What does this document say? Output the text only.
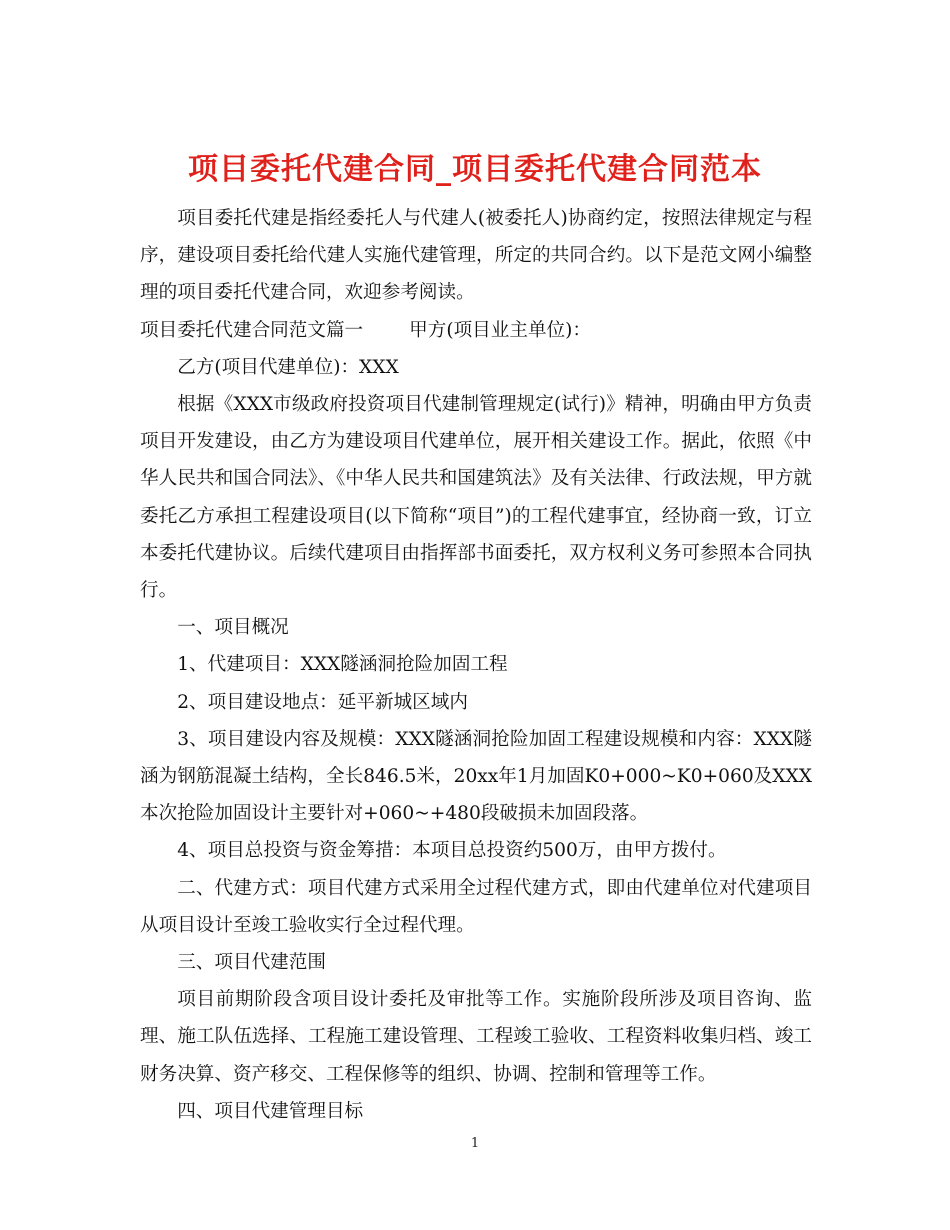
项目委托代建合同_项目委托代建合同范本

项目委托代建是指经委托人与代建人(被委托人)协商约定，按照法律规定与程序，建设项目委托给代建人实施代建管理，所定的共同合约。以下是范文网小编整理的项目委托代建合同，欢迎参考阅读。

项目委托代建合同范文篇一 甲方(项目业主单位)：

乙方(项目代建单位)：XXX

根据《XXX市级政府投资项目代建制管理规定(试行)》精神，明确由甲方负责项目开发建设，由乙方为建设项目代建单位，展开相关建设工作。据此，依照《中华人民共和国合同法》、《中华人民共和国建筑法》及有关法律、行政法规，甲方就委托乙方承担工程建设项目(以下简称“项目”)的工程代建事宜，经协商一致，订立本委托代建协议。后续代建项目由指挥部书面委托，双方权利义务可参照本合同执行。

一、项目概况

1、代建项目：XXX隧涵洞抢险加固工程

2、项目建设地点：延平新城区域内

3、项目建设内容及规模：XXX隧涵洞抢险加固工程建设规模和内容：XXX隧涵为钢筋混凝土结构，全长846.5米，20xx年1月加固K0+000~K0+060及XXX本次抢险加固设计主要针对+060~+480段破损未加固段落。

4、项目总投资与资金筹措：本项目总投资约500万，由甲方拨付。

二、代建方式：项目代建方式采用全过程代建方式，即由代建单位对代建项目从项目设计至竣工验收实行全过程代理。

三、项目代建范围

项目前期阶段含项目设计委托及审批等工作。实施阶段所涉及项目咨询、监理、施工队伍选择、工程施工建设管理、工程竣工验收、工程资料收集归档、竣工财务决算、资产移交、工程保修等的组织、协调、控制和管理等工作。

四、项目代建管理目标

1
